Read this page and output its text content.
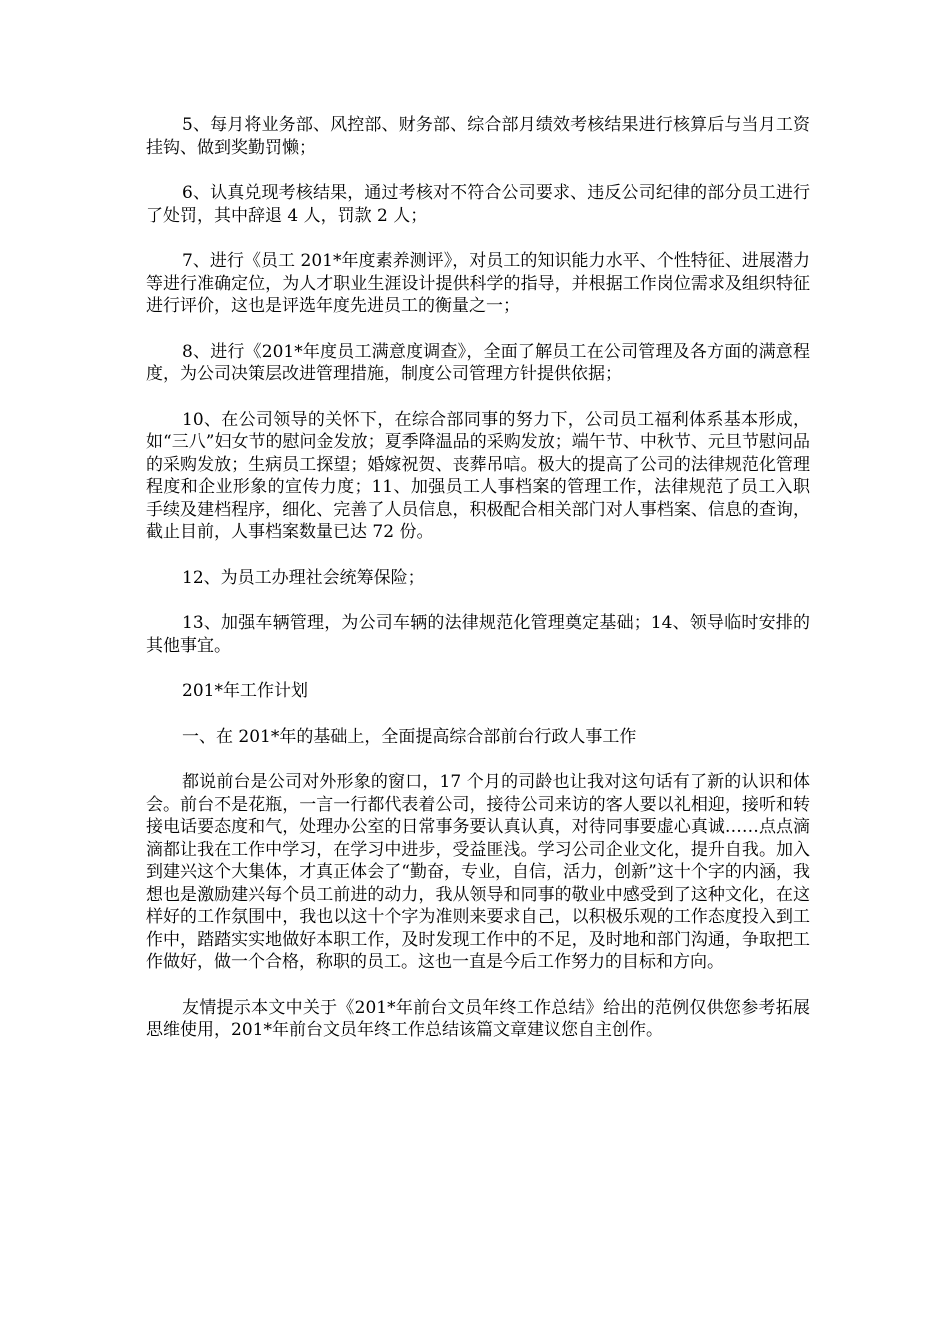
5、每月将业务部、风控部、财务部、综合部月绩效考核结果进行核算后与当月工资挂钩、做到奖勤罚懒；

6、认真兑现考核结果，通过考核对不符合公司要求、违反公司纪律的部分员工进行了处罚，其中辞退 4 人，罚款 2 人；

7、进行《员工 201*年度素养测评》，对员工的知识能力水平、个性特征、进展潜力等进行准确定位，为人才职业生涯设计提供科学的指导，并根据工作岗位需求及组织特征进行评价，这也是评选年度先进员工的衡量之一；

8、进行《201*年度员工满意度调查》，全面了解员工在公司管理及各方面的满意程度，为公司决策层改进管理措施，制度公司管理方针提供依据；

10、在公司领导的关怀下，在综合部同事的努力下，公司员工福利体系基本形成，如“三八”妇女节的慰问金发放；夏季降温品的采购发放；端午节、中秋节、元旦节慰问品的采购发放；生病员工探望；婚嫁祝贺、丧葬吊唁。极大的提高了公司的法律规范化管理程度和企业形象的宣传力度；11、加强员工人事档案的管理工作，法律规范了员工入职手续及建档程序，细化、完善了人员信息，积极配合相关部门对人事档案、信息的查询，截止目前，人事档案数量已达 72 份。

12、为员工办理社会统筹保险；

13、加强车辆管理，为公司车辆的法律规范化管理奠定基础；14、领导临时安排的其他事宜。

201*年工作计划

一、在 201*年的基础上，全面提高综合部前台行政人事工作

都说前台是公司对外形象的窗口，17 个月的司龄也让我对这句话有了新的认识和体会。前台不是花瓶，一言一行都代表着公司，接待公司来访的客人要以礼相迎，接听和转接电话要态度和气，处理办公室的日常事务要认真认真，对待同事要虚心真诚……点点滴滴都让我在工作中学习，在学习中进步，受益匪浅。学习公司企业文化，提升自我。加入到建兴这个大集体，才真正体会了“勤奋，专业，自信，活力，创新”这十个字的内涵，我想也是激励建兴每个员工前进的动力，我从领导和同事的敬业中感受到了这种文化，在这样好的工作氛围中，我也以这十个字为准则来要求自己，以积极乐观的工作态度投入到工作中，踏踏实实地做好本职工作，及时发现工作中的不足，及时地和部门沟通，争取把工作做好，做一个合格，称职的员工。这也一直是今后工作努力的目标和方向。

友情提示本文中关于《201*年前台文员年终工作总结》给出的范例仅供您参考拓展思维使用，201*年前台文员年终工作总结该篇文章建议您自主创作。
